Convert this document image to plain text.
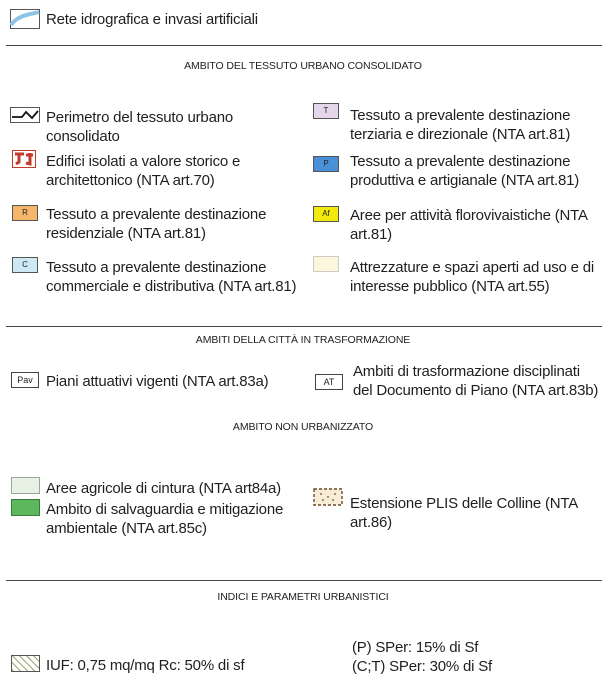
Rete idrografica e invasi artificiali
AMBITO DEL TESSUTO URBANO CONSOLIDATO
Perimetro del tessuto urbano
consolidato
Edifici isolati a valore storico e
architettonico (NTA art.70)
R	Tessuto a prevalente destinazione
residenziale (NTA art.81)
C	Tessuto a prevalente destinazione
commerciale e distributiva (NTA art.81)
T	Tessuto a prevalente destinazione
terziaria e direzionale (NTA art.81)
P	Tessuto a prevalente destinazione
produttiva e artigianale (NTA art.81)
Af	Aree per attività florovivaistiche (NTA
art.81)
Attrezzature e spazi aperti ad uso e di
interesse pubblico (NTA art.55)
AMBITI DELLA CITTÀ IN TRASFORMAZIONE
Pav Piani attuativi vigenti (NTA art.83a)	AT
Ambiti di trasformazione disciplinati
del Documento di Piano (NTA art.83b)
AMBITO NON URBANIZZATO
Aree agricole di cintura (NTA art84a)
Ambito di salvaguardia e mitigazione
ambientale (NTA art.85c)
Estensione PLIS delle Colline (NTA
art.86)
INDICI E PARAMETRI URBANISTICI
IUF: 0,75 mq/mq Rc: 50% di sf
(P) SPer: 15% di Sf
(C;T) SPer: 30% di Sf
